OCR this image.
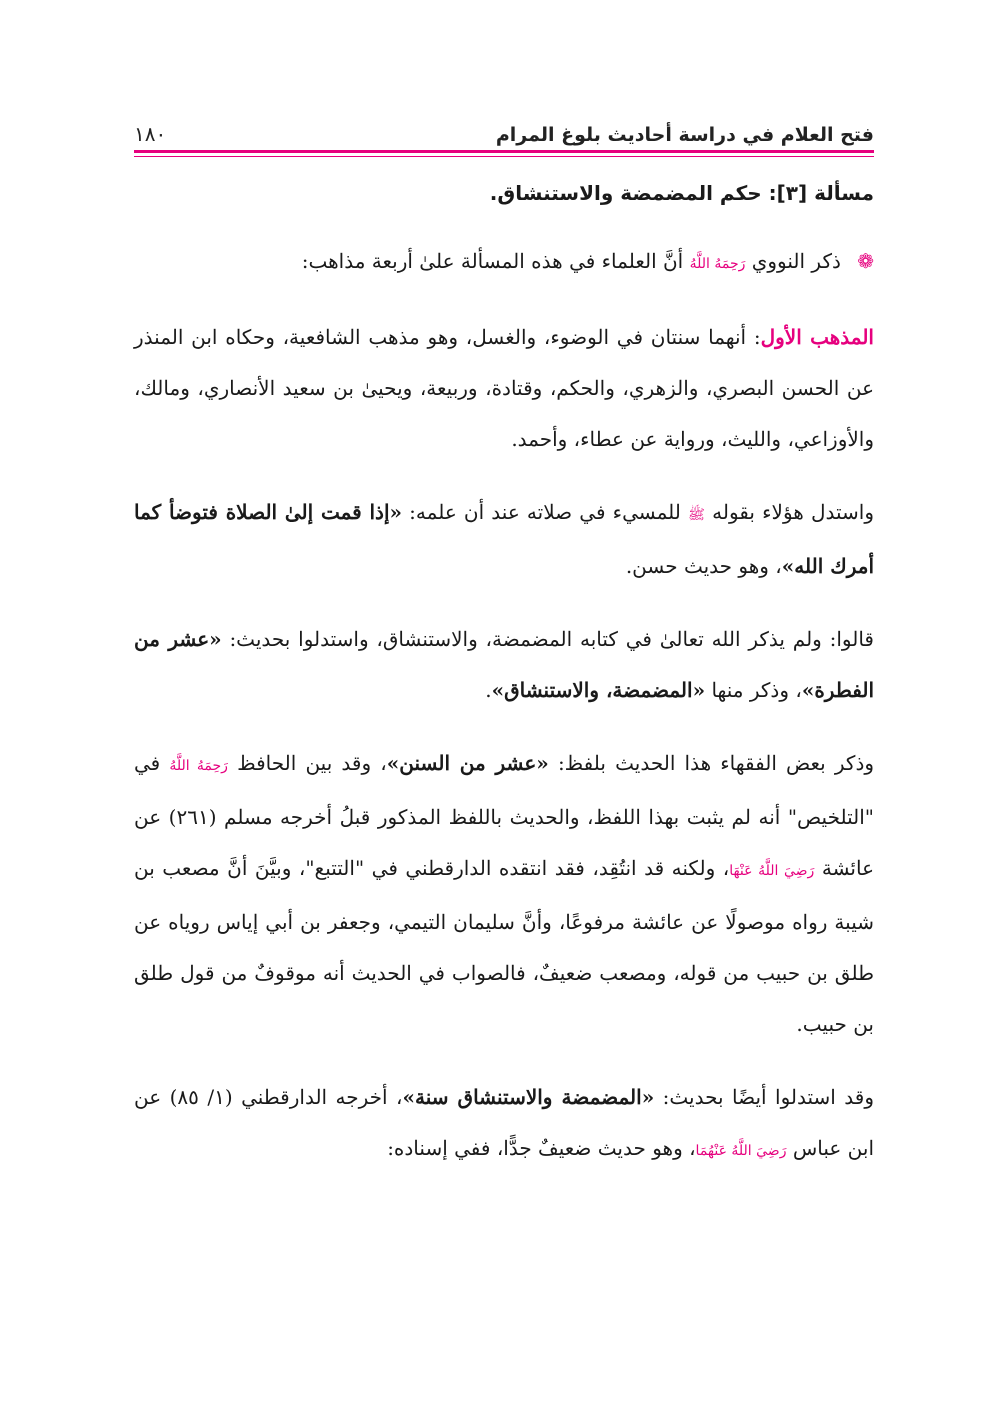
فتح العلام في دراسة أحاديث بلوغ المرام
١٨٠
مسألة [٣]: حكم المضمضة والاستنشاق.

❁ ذكر النووي رَحِمَهُ اللَّهُ أنَّ العلماء في هذه المسألة علىٰ أربعة مذاهب:

المذهب الأول: أنهما سنتان في الوضوء، والغسل، وهو مذهب الشافعية، وحكاه ابن المنذر عن الحسن البصري، والزهري، والحكم، وقتادة، وربيعة، ويحيىٰ بن سعيد الأنصاري، ومالك، والأوزاعي، والليث، ورواية عن عطاء، وأحمد.

واستدل هؤلاء بقوله ﷺ للمسيء في صلاته عند أن علمه: «إذا قمت إلىٰ الصلاة فتوضأ كما أمرك الله»، وهو حديث حسن.

قالوا: ولم يذكر الله تعالىٰ في كتابه المضمضة، والاستنشاق، واستدلوا بحديث: «عشر من الفطرة»، وذكر منها «المضمضة، والاستنشاق».

وذكر بعض الفقهاء هذا الحديث بلفظ: «عشر من السنن»، وقد بين الحافظ رَحِمَهُ اللَّهُ في "التلخيص" أنه لم يثبت بهذا اللفظ، والحديث باللفظ المذكور قبلُ أخرجه مسلم (٢٦١) عن عائشة رَضِيَ اللَّهُ عَنْهَا، ولكنه قد انتُقِد، فقد انتقده الدارقطني في "التتبع"، وبيَّنَ أنَّ مصعب بن شيبة رواه موصولًا عن عائشة مرفوعًا، وأنَّ سليمان التيمي، وجعفر بن أبي إياس روياه عن طلق بن حبيب من قوله، ومصعب ضعيفٌ، فالصواب في الحديث أنه موقوفٌ من قول طلق بن حبيب.

وقد استدلوا أيضًا بحديث: «المضمضة والاستنشاق سنة»، أخرجه الدارقطني (١/ ٨٥) عن ابن عباس رَضِيَ اللَّهُ عَنْهُمَا، وهو حديث ضعيفٌ جدًّا، ففي إسناده:
